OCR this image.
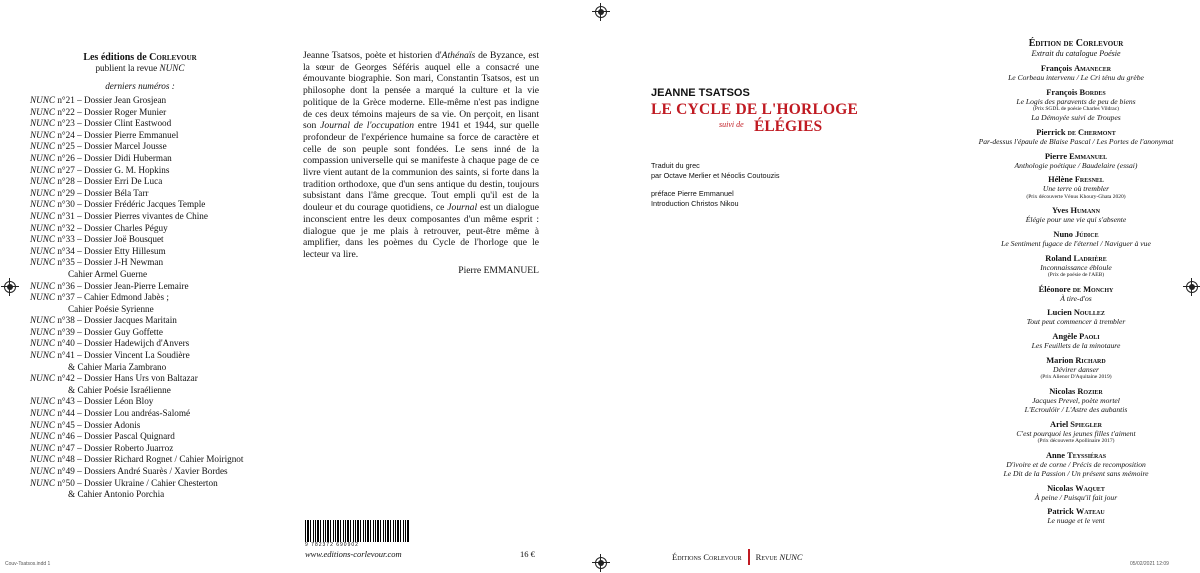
Les éditions de Corlevour
publient la revue NUNC
derniers numéros :
NUNC n°21 – Dossier Jean Grosjean
NUNC n°22 – Dossier Roger Munier
NUNC n°23 – Dossier Clint Eastwood
NUNC n°24 – Dossier Pierre Emmanuel
NUNC n°25 – Dossier Marcel Jousse
NUNC n°26 – Dossier Didi Huberman
NUNC n°27 – Dossier G. M. Hopkins
NUNC n°28 – Dossier Erri De Luca
NUNC n°29 – Dossier Béla Tarr
NUNC n°30 – Dossier Frédéric Jacques Temple
NUNC n°31 – Dossier Pierres vivantes de Chine
NUNC n°32 – Dossier Charles Péguy
NUNC n°33 – Dossier Joë Bousquet
NUNC n°34 – Dossier Etty Hillesum
NUNC n°35 – Dossier J-H Newman
Cahier Armel Guerne
NUNC n°36 – Dossier Jean-Pierre Lemaire
NUNC n°37 – Cahier Edmond Jabès ;
Cahier Poésie Syrienne
NUNC n°38 – Dossier Jacques Maritain
NUNC n°39 – Dossier Guy Goffette
NUNC n°40 – Dossier Hadewijch d'Anvers
NUNC n°41 – Dossier Vincent La Soudière
& Cahier Maria Zambrano
NUNC n°42 – Dossier Hans Urs von Baltazar
& Cahier Poésie Israélienne
NUNC n°43 – Dossier Léon Bloy
NUNC n°44 – Dossier Lou andréas-Salomé
NUNC n°45 – Dossier Adonis
NUNC n°46 – Dossier Pascal Quignard
NUNC n°47 – Dossier Roberto Juarroz
NUNC n°48 – Dossier Richard Rognet / Cahier Moirignot
NUNC n°49 – Dossiers André Suarès / Xavier Bordes
NUNC n°50 – Dossier Ukraine / Cahier Chesterton
& Cahier Antonio Porchia
Jeanne Tsatsos, poète et historien d'Athénaïs de Byzance, est la sœur de Georges Séféris auquel elle a consacré une émouvante biographie. Son mari, Constantin Tsatsos, est un philosophe dont la pensée a marqué la culture et la vie politique de la Grèce moderne. Elle-même n'est pas indigne de ces deux témoins majeurs de sa vie. On perçoit, en lisant son Journal de l'occupation entre 1941 et 1944, sur quelle profondeur de l'expérience humaine sa force de caractère et celle de son peuple sont fondées. Le sens inné de la compassion universelle qui se manifeste à chaque page de ce livre vient autant de la communion des saints, si forte dans la tradition orthodoxe, que d'un sens antique du destin, toujours subsistant dans l'âme grecque. Tout empli qu'il est de la douleur et du courage quotidiens, ce Journal est un dialogue inconscient entre les deux composantes d'un même esprit : dialogue que je me plais à retrouver, peut-être même à amplifier, dans les poèmes du Cycle de l'horloge que le lecteur va lire.
Pierre EMMANUEL
9 782372 690902
www.editions-corlevour.com	16 €
JEANNE TSATSOS
LE CYCLE DE L'HORLOGE
suivi de ÉLÉGIES
Traduit du grec
par Octave Merlier et Néoclis Coutouzis
préface Pierre Emmanuel
Introduction Christos Nikou
Éditions Corlevour Revue NUNC
Édition de Corlevour
Extrait du catalogue Poésie
François Amanecer
Le Corbeau intervenu / Le Cri ténu du grèbe
François Bordes
Le Logis des paravents de peu de biens
(Prix SGDL de poésie Charles Vildrac)
La Démoyée suivi de Troupes
Pierrick de Chermont
Par-dessus l'épaule de Blaise Pascal / Les Portes de l'anonymat
Pierre Emmanuel
Anthologie poétique / Baudelaire (essai)
Hélène Fresnel
Une terre où trembler
(Prix découverte Vénus Khoury-Ghata 2020)
Yves Humann
Élégie pour une vie qui s'absente
Nuno Júdice
Le Sentiment fugace de l'éternel / Naviguer à vue
Roland Ladrière
Inconnaissance ébloule
(Prix de poésie de l'AEB)
Éléonore de Monchy
À tire-d'os
Lucien Noullez
Tout peut commencer à trembler
Angèle Paoli
Les Feuillets de la minotaure
Marion Richard
Dévirer danser
(Prix Alienor D'Aquitaine 2019)
Nicolas Rozier
Jacques Prevel, poète mortel
L'Ecroulóir / L'Astre des aubantis
Ariel Spiegler
C'est pourquoi les jeunes filles t'aiment
(Prix découverte Apollinaire 2017)
Anne Teyssiéras
D'ivoire et de corne / Précis de recomposition
Le Dit de la Passion / Un présent sans mémoire
Nicolas Waquet
À peine / Puisqu'il fait jour
Patrick Wateau
Le nuage et le vent
Couv-Tsatsos.indd 1	05/02/2021 12:09
